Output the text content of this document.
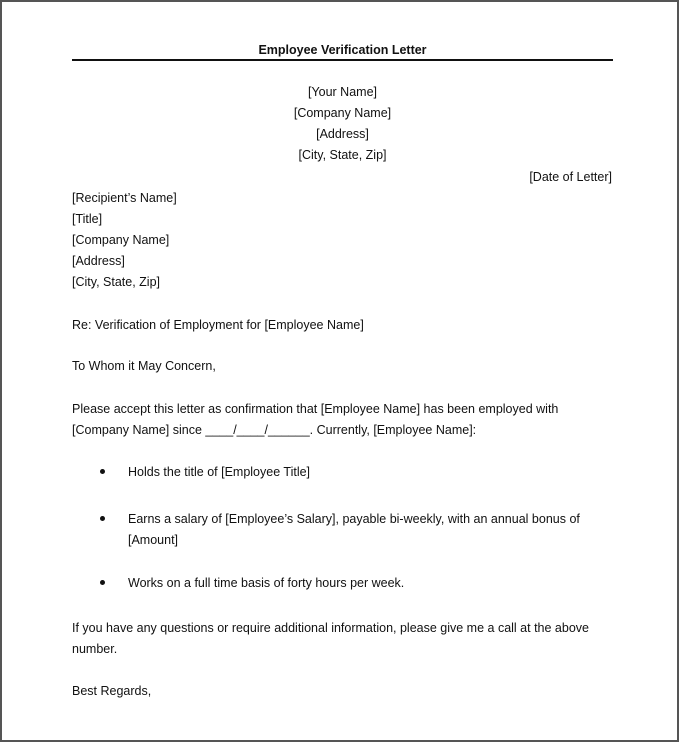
Employee Verification Letter
[Your Name]
[Company Name]
[Address]
[City, State, Zip]
[Date of Letter]
[Recipient’s Name]
[Title]
[Company Name]
[Address]
[City, State, Zip]
Re: Verification of Employment for [Employee Name]
To Whom it May Concern,
Please accept this letter as confirmation that [Employee Name] has been employed with [Company Name] since ____/____/______. Currently, [Employee Name]:
Holds the title of [Employee Title]
Earns a salary of [Employee’s Salary], payable bi-weekly, with an annual bonus of [Amount]
Works on a full time basis of forty hours per week.
If you have any questions or require additional information, please give me a call at the above number.
Best Regards,
